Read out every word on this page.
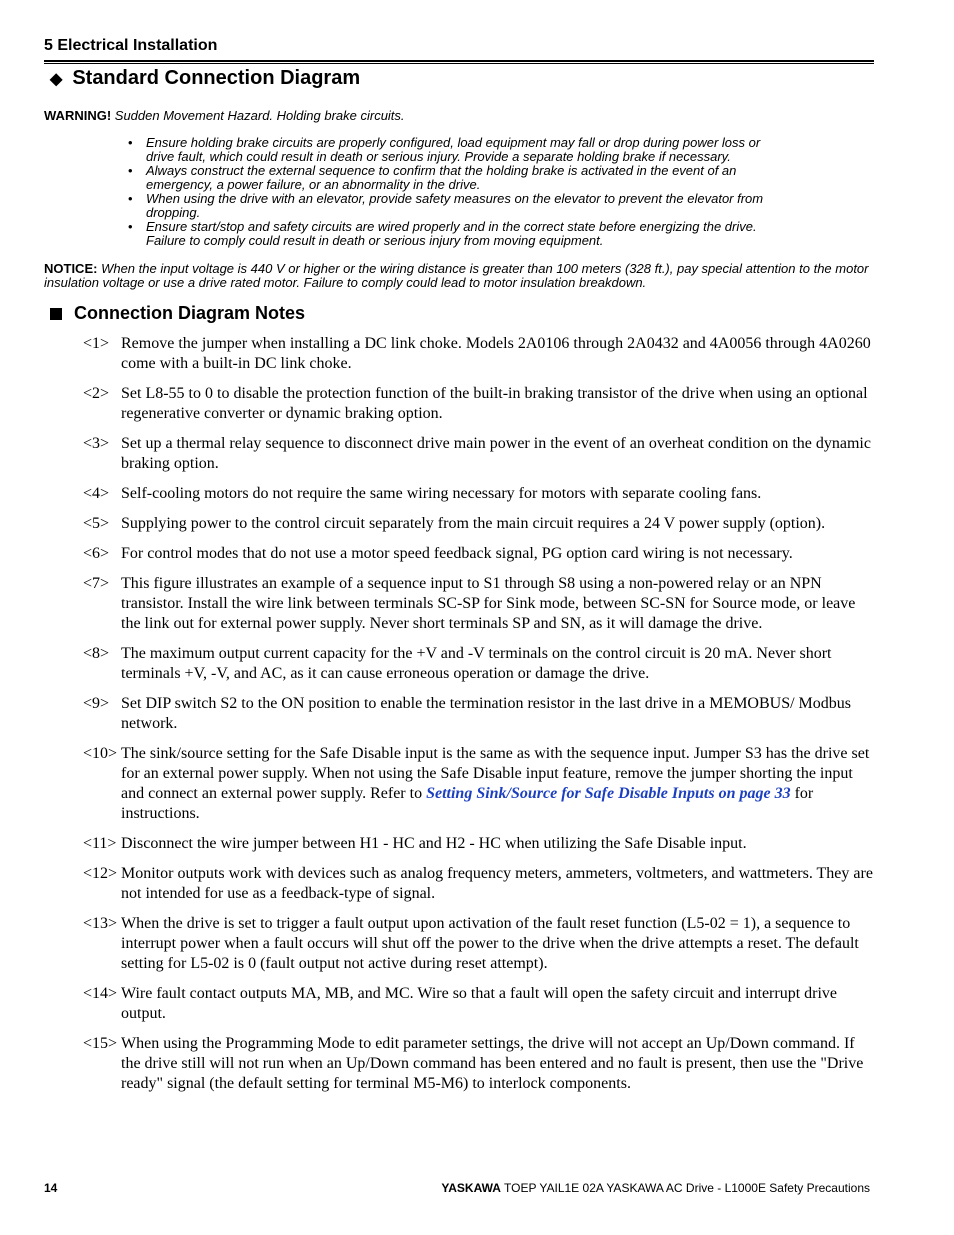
5 Electrical Installation
◆ Standard Connection Diagram
WARNING! Sudden Movement Hazard. Holding brake circuits.
• Ensure holding brake circuits are properly configured, load equipment may fall or drop during power loss or drive fault, which could result in death or serious injury. Provide a separate holding brake if necessary.
• Always construct the external sequence to confirm that the holding brake is activated in the event of an emergency, a power failure, or an abnormality in the drive.
• When using the drive with an elevator, provide safety measures on the elevator to prevent the elevator from dropping.
• Ensure start/stop and safety circuits are wired properly and in the correct state before energizing the drive. Failure to comply could result in death or serious injury from moving equipment.
NOTICE: When the input voltage is 440 V or higher or the wiring distance is greater than 100 meters (328 ft.), pay special attention to the motor insulation voltage or use a drive rated motor. Failure to comply could lead to motor insulation breakdown.
Connection Diagram Notes
<1> Remove the jumper when installing a DC link choke. Models 2A0106 through 2A0432 and 4A0056 through 4A0260 come with a built-in DC link choke.
<2> Set L8-55 to 0 to disable the protection function of the built-in braking transistor of the drive when using an optional regenerative converter or dynamic braking option.
<3> Set up a thermal relay sequence to disconnect drive main power in the event of an overheat condition on the dynamic braking option.
<4> Self-cooling motors do not require the same wiring necessary for motors with separate cooling fans.
<5> Supplying power to the control circuit separately from the main circuit requires a 24 V power supply (option).
<6> For control modes that do not use a motor speed feedback signal, PG option card wiring is not necessary.
<7> This figure illustrates an example of a sequence input to S1 through S8 using a non-powered relay or an NPN transistor. Install the wire link between terminals SC-SP for Sink mode, between SC-SN for Source mode, or leave the link out for external power supply. Never short terminals SP and SN, as it will damage the drive.
<8> The maximum output current capacity for the +V and -V terminals on the control circuit is 20 mA. Never short terminals +V, -V, and AC, as it can cause erroneous operation or damage the drive.
<9> Set DIP switch S2 to the ON position to enable the termination resistor in the last drive in a MEMOBUS/ Modbus network.
<10> The sink/source setting for the Safe Disable input is the same as with the sequence input. Jumper S3 has the drive set for an external power supply. When not using the Safe Disable input feature, remove the jumper shorting the input and connect an external power supply. Refer to Setting Sink/Source for Safe Disable Inputs on page 33 for instructions.
<11> Disconnect the wire jumper between H1 - HC and H2 - HC when utilizing the Safe Disable input.
<12> Monitor outputs work with devices such as analog frequency meters, ammeters, voltmeters, and wattmeters. They are not intended for use as a feedback-type of signal.
<13> When the drive is set to trigger a fault output upon activation of the fault reset function (L5-02 = 1), a sequence to interrupt power when a fault occurs will shut off the power to the drive when the drive attempts a reset. The default setting for L5-02 is 0 (fault output not active during reset attempt).
<14> Wire fault contact outputs MA, MB, and MC. Wire so that a fault will open the safety circuit and interrupt drive output.
<15> When using the Programming Mode to edit parameter settings, the drive will not accept an Up/Down command. If the drive still will not run when an Up/Down command has been entered and no fault is present, then use the "Drive ready" signal (the default setting for terminal M5-M6) to interlock components.
14	YASKAWA TOEP YAIL1E 02A YASKAWA AC Drive - L1000E Safety Precautions
